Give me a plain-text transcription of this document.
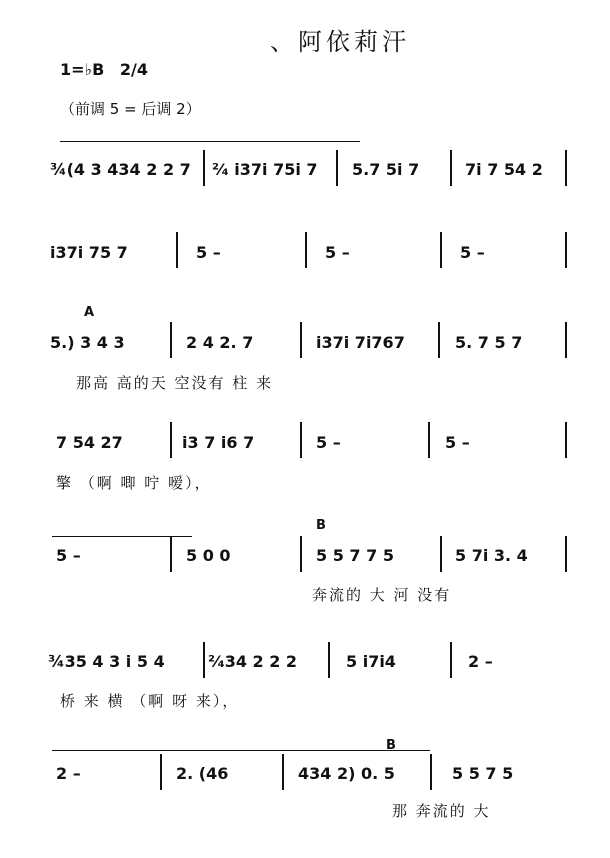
、阿依莉汗
1=♭B 2/4
（前调 5 = 后调 2）
¾(4 3 434 2 2 7 ²⁄₄ i37i 75i 7 5.7 5i 7	7i 7 54 2
i37i 75 7	5 –	5 –	5 –
A
5.) 3 4 3	2 4 2. 7	i37i 7i767	5. 7 5 7
那高 高的天 空没有 柱 来
7 54 27	i3 7 i6 7	5 –	5 –
擎 （啊 唧 咛 嗳），
B
5 –	5 0 0	5 5 7 7 5	5 7i 3. 4
奔流的 大 河 没有
¾35 4 3 i 5 4	²⁄₄34 2 2 2	5 i7i4	2 –
桥 来 横 （啊 呀 来），
B
2 –	2. (46	434 2) 0. 5	5 5 7 5
那 奔流的 大
